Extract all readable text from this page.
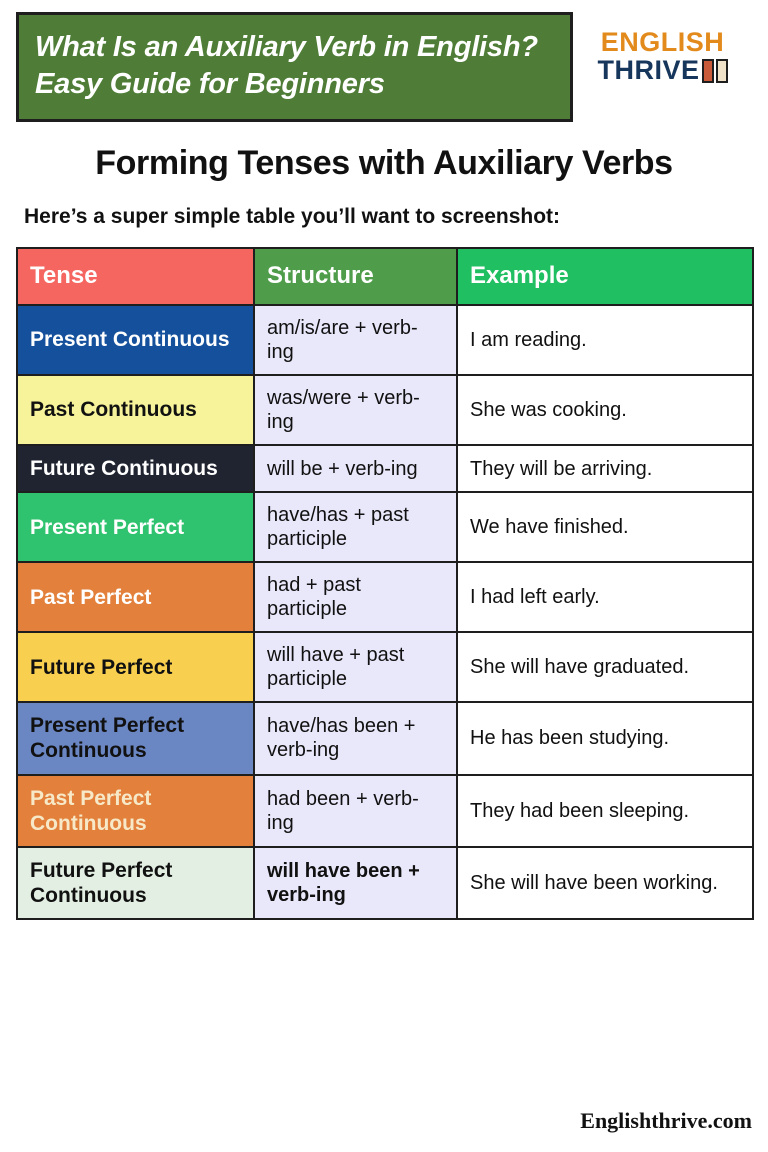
What Is an Auxiliary Verb in English? Easy Guide for Beginners
ENGLISH
THRIVE
Forming Tenses with Auxiliary Verbs
Here’s a super simple table you’ll want to screenshot:
Tense	Structure	Example
Present Continuous	am/is/are + verb-ing	I am reading.
Past Continuous	was/were + verb-ing	She was cooking.
Future Continuous	will be + verb-ing	They will be arriving.
Present Perfect	have/has + past participle	We have finished.
Past Perfect	had + past participle	I had left early.
Future Perfect	will have + past participle	She will have graduated.
Present Perfect Continuous	have/has been + verb-ing	He has been studying.
Past Perfect Continuous	had been + verb-ing	They had been sleeping.
Future Perfect Continuous	will have been + verb-ing	She will have been working.
Englishthrive.com
